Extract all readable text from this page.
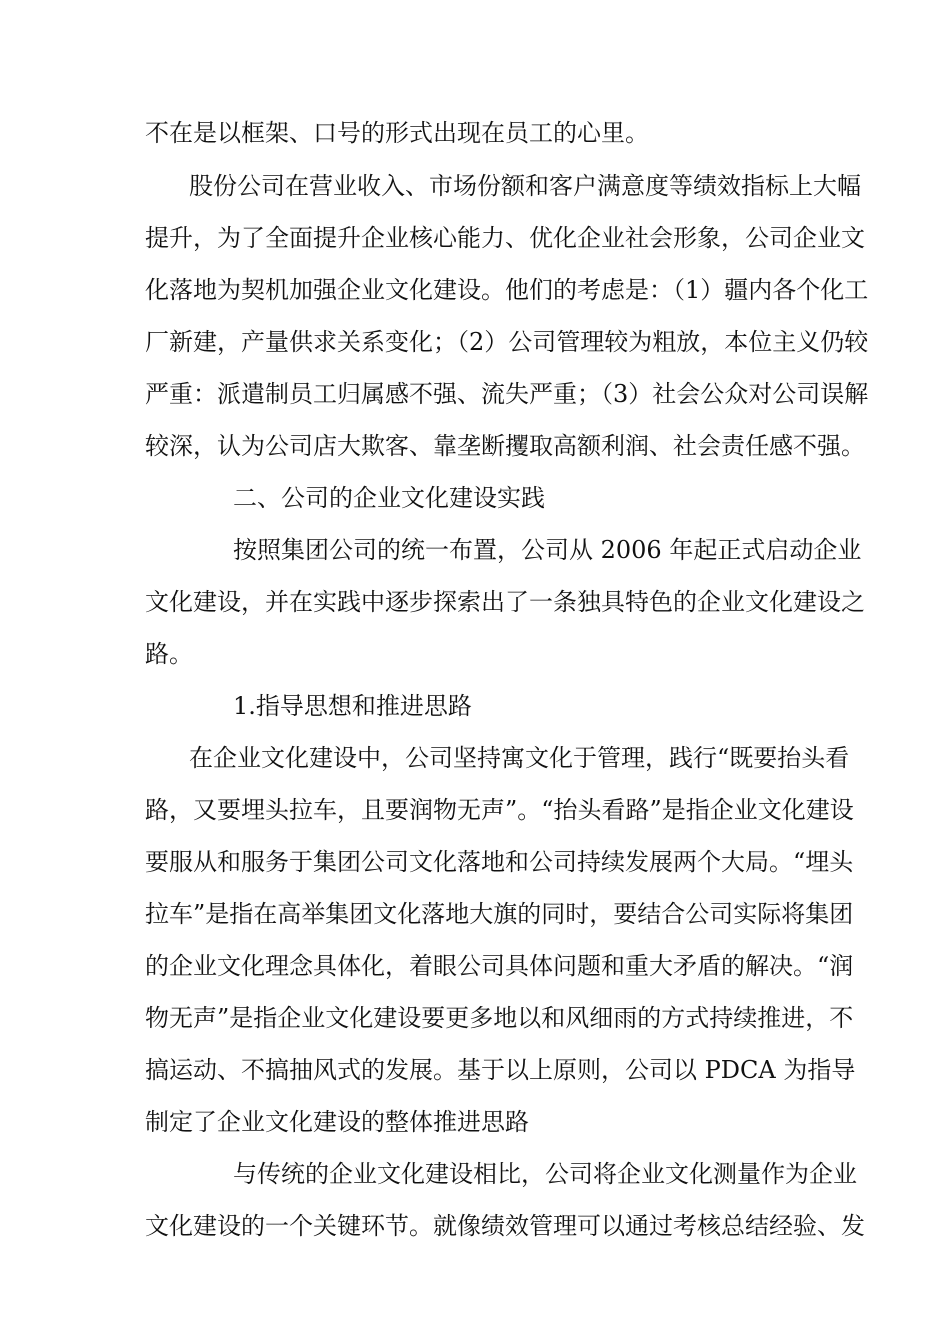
不在是以框架、口号的形式出现在员工的心里。
股份公司在营业收入、市场份额和客户满意度等绩效指标上大幅
提升，为了全面提升企业核心能力、优化企业社会形象，公司企业文
化落地为契机加强企业文化建设。他们的考虑是：（1）疆内各个化工
厂新建，产量供求关系变化；（2）公司管理较为粗放，本位主义仍较
严重：派遣制员工归属感不强、流失严重；（3）社会公众对公司误解
较深，认为公司店大欺客、靠垄断攫取高额利润、社会责任感不强。
二、公司的企业文化建设实践
按照集团公司的统一布置，公司从 2006 年起正式启动企业
文化建设，并在实践中逐步探索出了一条独具特色的企业文化建设之
路。
1.指导思想和推进思路
在企业文化建设中，公司坚持寓文化于管理，践行“既要抬头看
路，又要埋头拉车，且要润物无声”。“抬头看路”是指企业文化建设
要服从和服务于集团公司文化落地和公司持续发展两个大局。“埋头
拉车”是指在高举集团文化落地大旗的同时，要结合公司实际将集团
的企业文化理念具体化，着眼公司具体问题和重大矛盾的解决。“润
物无声”是指企业文化建设要更多地以和风细雨的方式持续推进，不
搞运动、不搞抽风式的发展。基于以上原则，公司以 PDCA 为指导
制定了企业文化建设的整体推进思路
与传统的企业文化建设相比，公司将企业文化测量作为企业
文化建设的一个关键环节。就像绩效管理可以通过考核总结经验、发
